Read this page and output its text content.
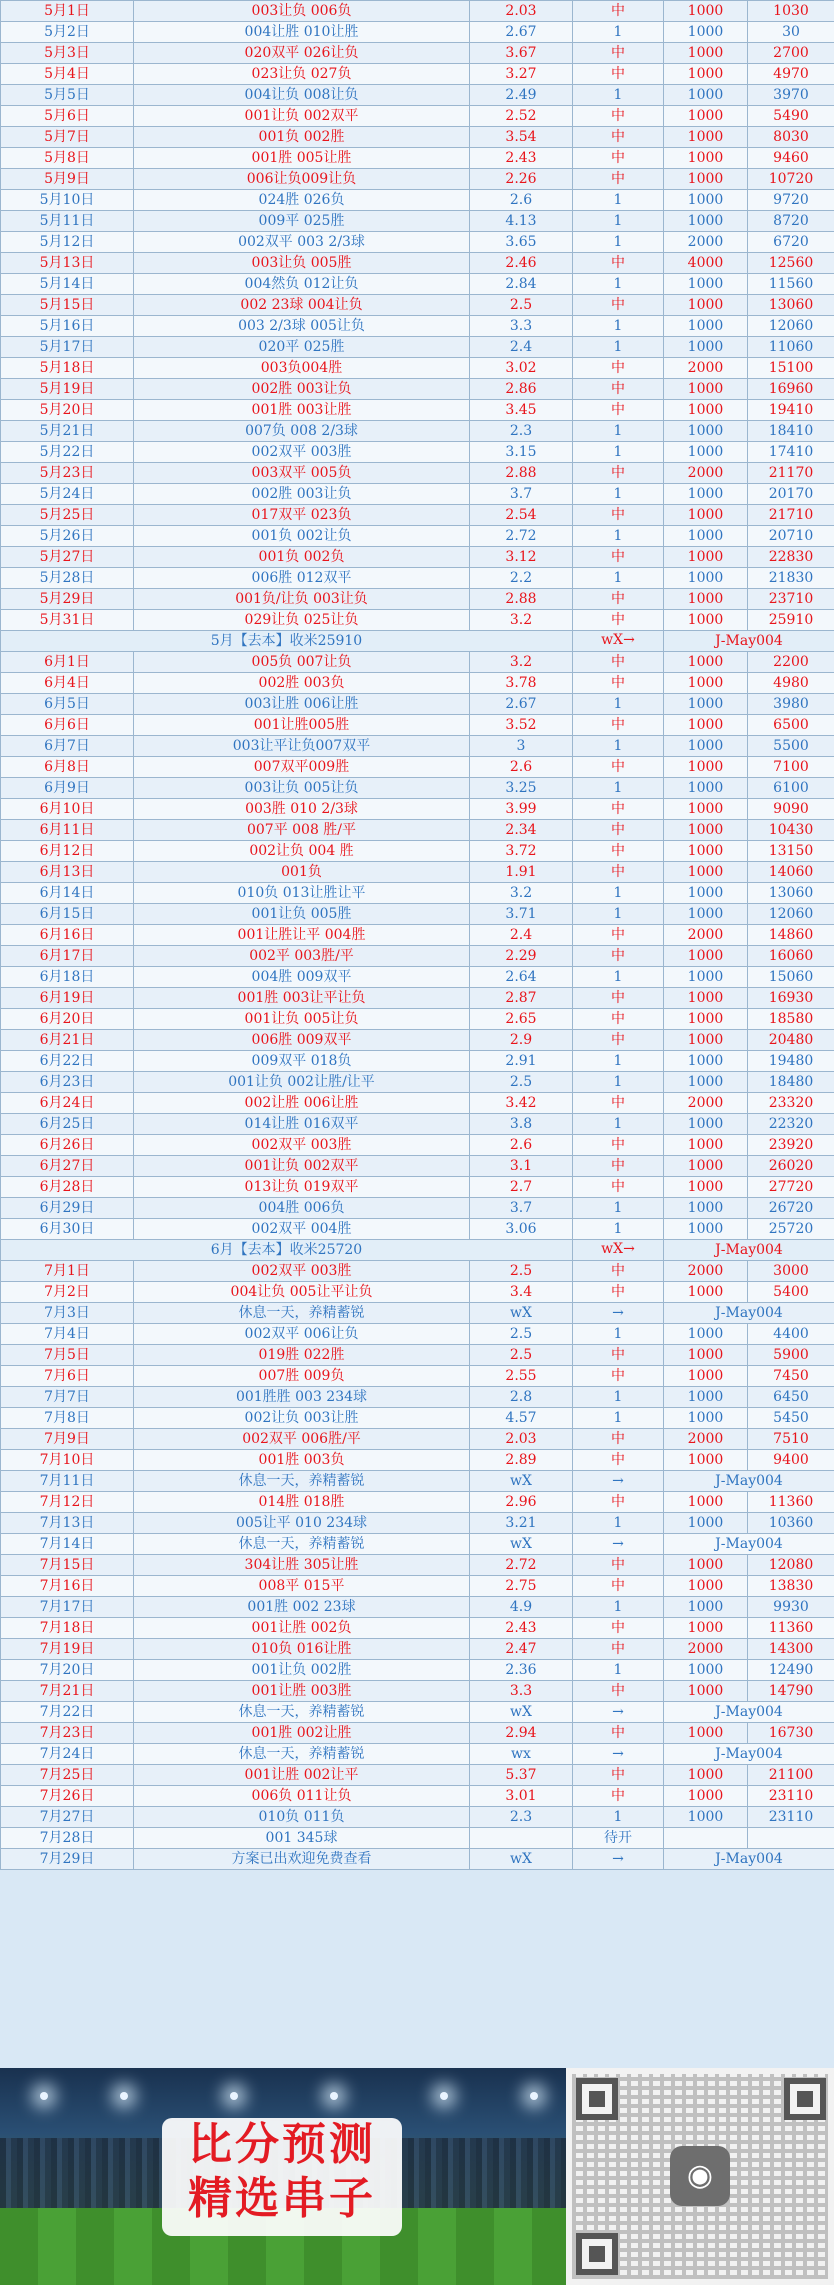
5月1日	003让负 006负	2.03	中	1000	1030
5月2日	004让胜 010让胜	2.67	1	1000	30
5月3日	020双平 026让负	3.67	中	1000	2700
5月4日	023让负 027负	3.27	中	1000	4970
5月5日	004让负 008让负	2.49	1	1000	3970
5月6日	001让负 002双平	2.52	中	1000	5490
5月7日	001负 002胜	3.54	中	1000	8030
5月8日	001胜 005让胜	2.43	中	1000	9460
5月9日	006让负009让负	2.26	中	1000	10720
5月10日	024胜 026负	2.6	1	1000	9720
5月11日	009平 025胜	4.13	1	1000	8720
5月12日	002双平 003 2/3球	3.65	1	2000	6720
5月13日	003让负 005胜	2.46	中	4000	12560
5月14日	004然负 012让负	2.84	1	1000	11560
5月15日	002 23球 004让负	2.5	中	1000	13060
5月16日	003 2/3球 005让负	3.3	1	1000	12060
5月17日	020平 025胜	2.4	1	1000	11060
5月18日	003负004胜	3.02	中	2000	15100
5月19日	002胜 003让负	2.86	中	1000	16960
5月20日	001胜 003让胜	3.45	中	1000	19410
5月21日	007负 008 2/3球	2.3	1	1000	18410
5月22日	002双平 003胜	3.15	1	1000	17410
5月23日	003双平 005负	2.88	中	2000	21170
5月24日	002胜 003让负	3.7	1	1000	20170
5月25日	017双平 023负	2.54	中	1000	21710
5月26日	001负 002让负	2.72	1	1000	20710
5月27日	001负 002负	3.12	中	1000	22830
5月28日	006胜 012双平	2.2	1	1000	21830
5月29日	001负/让负 003让负	2.88	中	1000	23710
5月31日	029让负 025让负	3.2	中	1000	25910
5月【去本】收米25910			wX→	J-May004	
6月1日	005负 007让负	3.2	中	1000	2200
6月4日	002胜 003负	3.78	中	1000	4980
6月5日	003让胜 006让胜	2.67	1	1000	3980
6月6日	001让胜005胜	3.52	中	1000	6500
6月7日	003让平让负007双平	3	1	1000	5500
6月8日	007双平009胜	2.6	中	1000	7100
6月9日	003让负 005让负	3.25	1	1000	6100
6月10日	003胜 010 2/3球	3.99	中	1000	9090
6月11日	007平 008 胜/平	2.34	中	1000	10430
6月12日	002让负 004 胜	3.72	中	1000	13150
6月13日	001负	1.91	中	1000	14060
6月14日	010负 013让胜让平	3.2	1	1000	13060
6月15日	001让负 005胜	3.71	1	1000	12060
6月16日	001让胜让平 004胜	2.4	中	2000	14860
6月17日	002平 003胜/平	2.29	中	1000	16060
6月18日	004胜 009双平	2.64	1	1000	15060
6月19日	001胜 003让平让负	2.87	中	1000	16930
6月20日	001让负 005让负	2.65	中	1000	18580
6月21日	006胜 009双平	2.9	中	1000	20480
6月22日	009双平 018负	2.91	1	1000	19480
6月23日	001让负 002让胜/让平	2.5	1	1000	18480
6月24日	002让胜 006让胜	3.42	中	2000	23320
6月25日	014让胜 016双平	3.8	1	1000	22320
6月26日	002双平 003胜	2.6	中	1000	23920
6月27日	001让负 002双平	3.1	中	1000	26020
6月28日	013让负 019双平	2.7	中	1000	27720
6月29日	004胜 006负	3.7	1	1000	26720
6月30日	002双平 004胜	3.06	1	1000	25720
6月【去本】收米25720			wX→	J-May004	
7月1日	002双平 003胜	2.5	中	2000	3000
7月2日	004让负 005让平让负	3.4	中	1000	5400
7月3日	休息一天，养精蓄锐	wX	→	J-May004	
7月4日	002双平 006让负	2.5	1	1000	4400
7月5日	019胜 022胜	2.5	中	1000	5900
7月6日	007胜 009负	2.55	中	1000	7450
7月7日	001胜胜 003 234球	2.8	1	1000	6450
7月8日	002让负 003让胜	4.57	1	1000	5450
7月9日	002双平 006胜/平	2.03	中	2000	7510
7月10日	001胜 003负	2.89	中	1000	9400
7月11日	休息一天，养精蓄锐	wX	→	J-May004	
7月12日	014胜 018胜	2.96	中	1000	11360
7月13日	005让平 010 234球	3.21	1	1000	10360
7月14日	休息一天，养精蓄锐	wX	→	J-May004	
7月15日	304让胜 305让胜	2.72	中	1000	12080
7月16日	008平 015平	2.75	中	1000	13830
7月17日	001胜 002 23球	4.9	1	1000	9930
7月18日	001让胜 002负	2.43	中	1000	11360
7月19日	010负 016让胜	2.47	中	2000	14300
7月20日	001让负 002胜	2.36	1	1000	12490
7月21日	001让胜 003胜	3.3	中	1000	14790
7月22日	休息一天，养精蓄锐	wX	→	J-May004	
7月23日	001胜 002让胜	2.94	中	1000	16730
7月24日	休息一天，养精蓄锐	wx	→	J-May004	
7月25日	001让胜 002让平	5.37	中	1000	21100
7月26日	006负 011让负	3.01	中	1000	23110
7月27日	010负 011负	2.3	1	1000	23110
7月28日	001 345球		待开		
7月29日	方案已出欢迎免费查看	wX	→	J-May004	
比分预测
精选串子	◉
